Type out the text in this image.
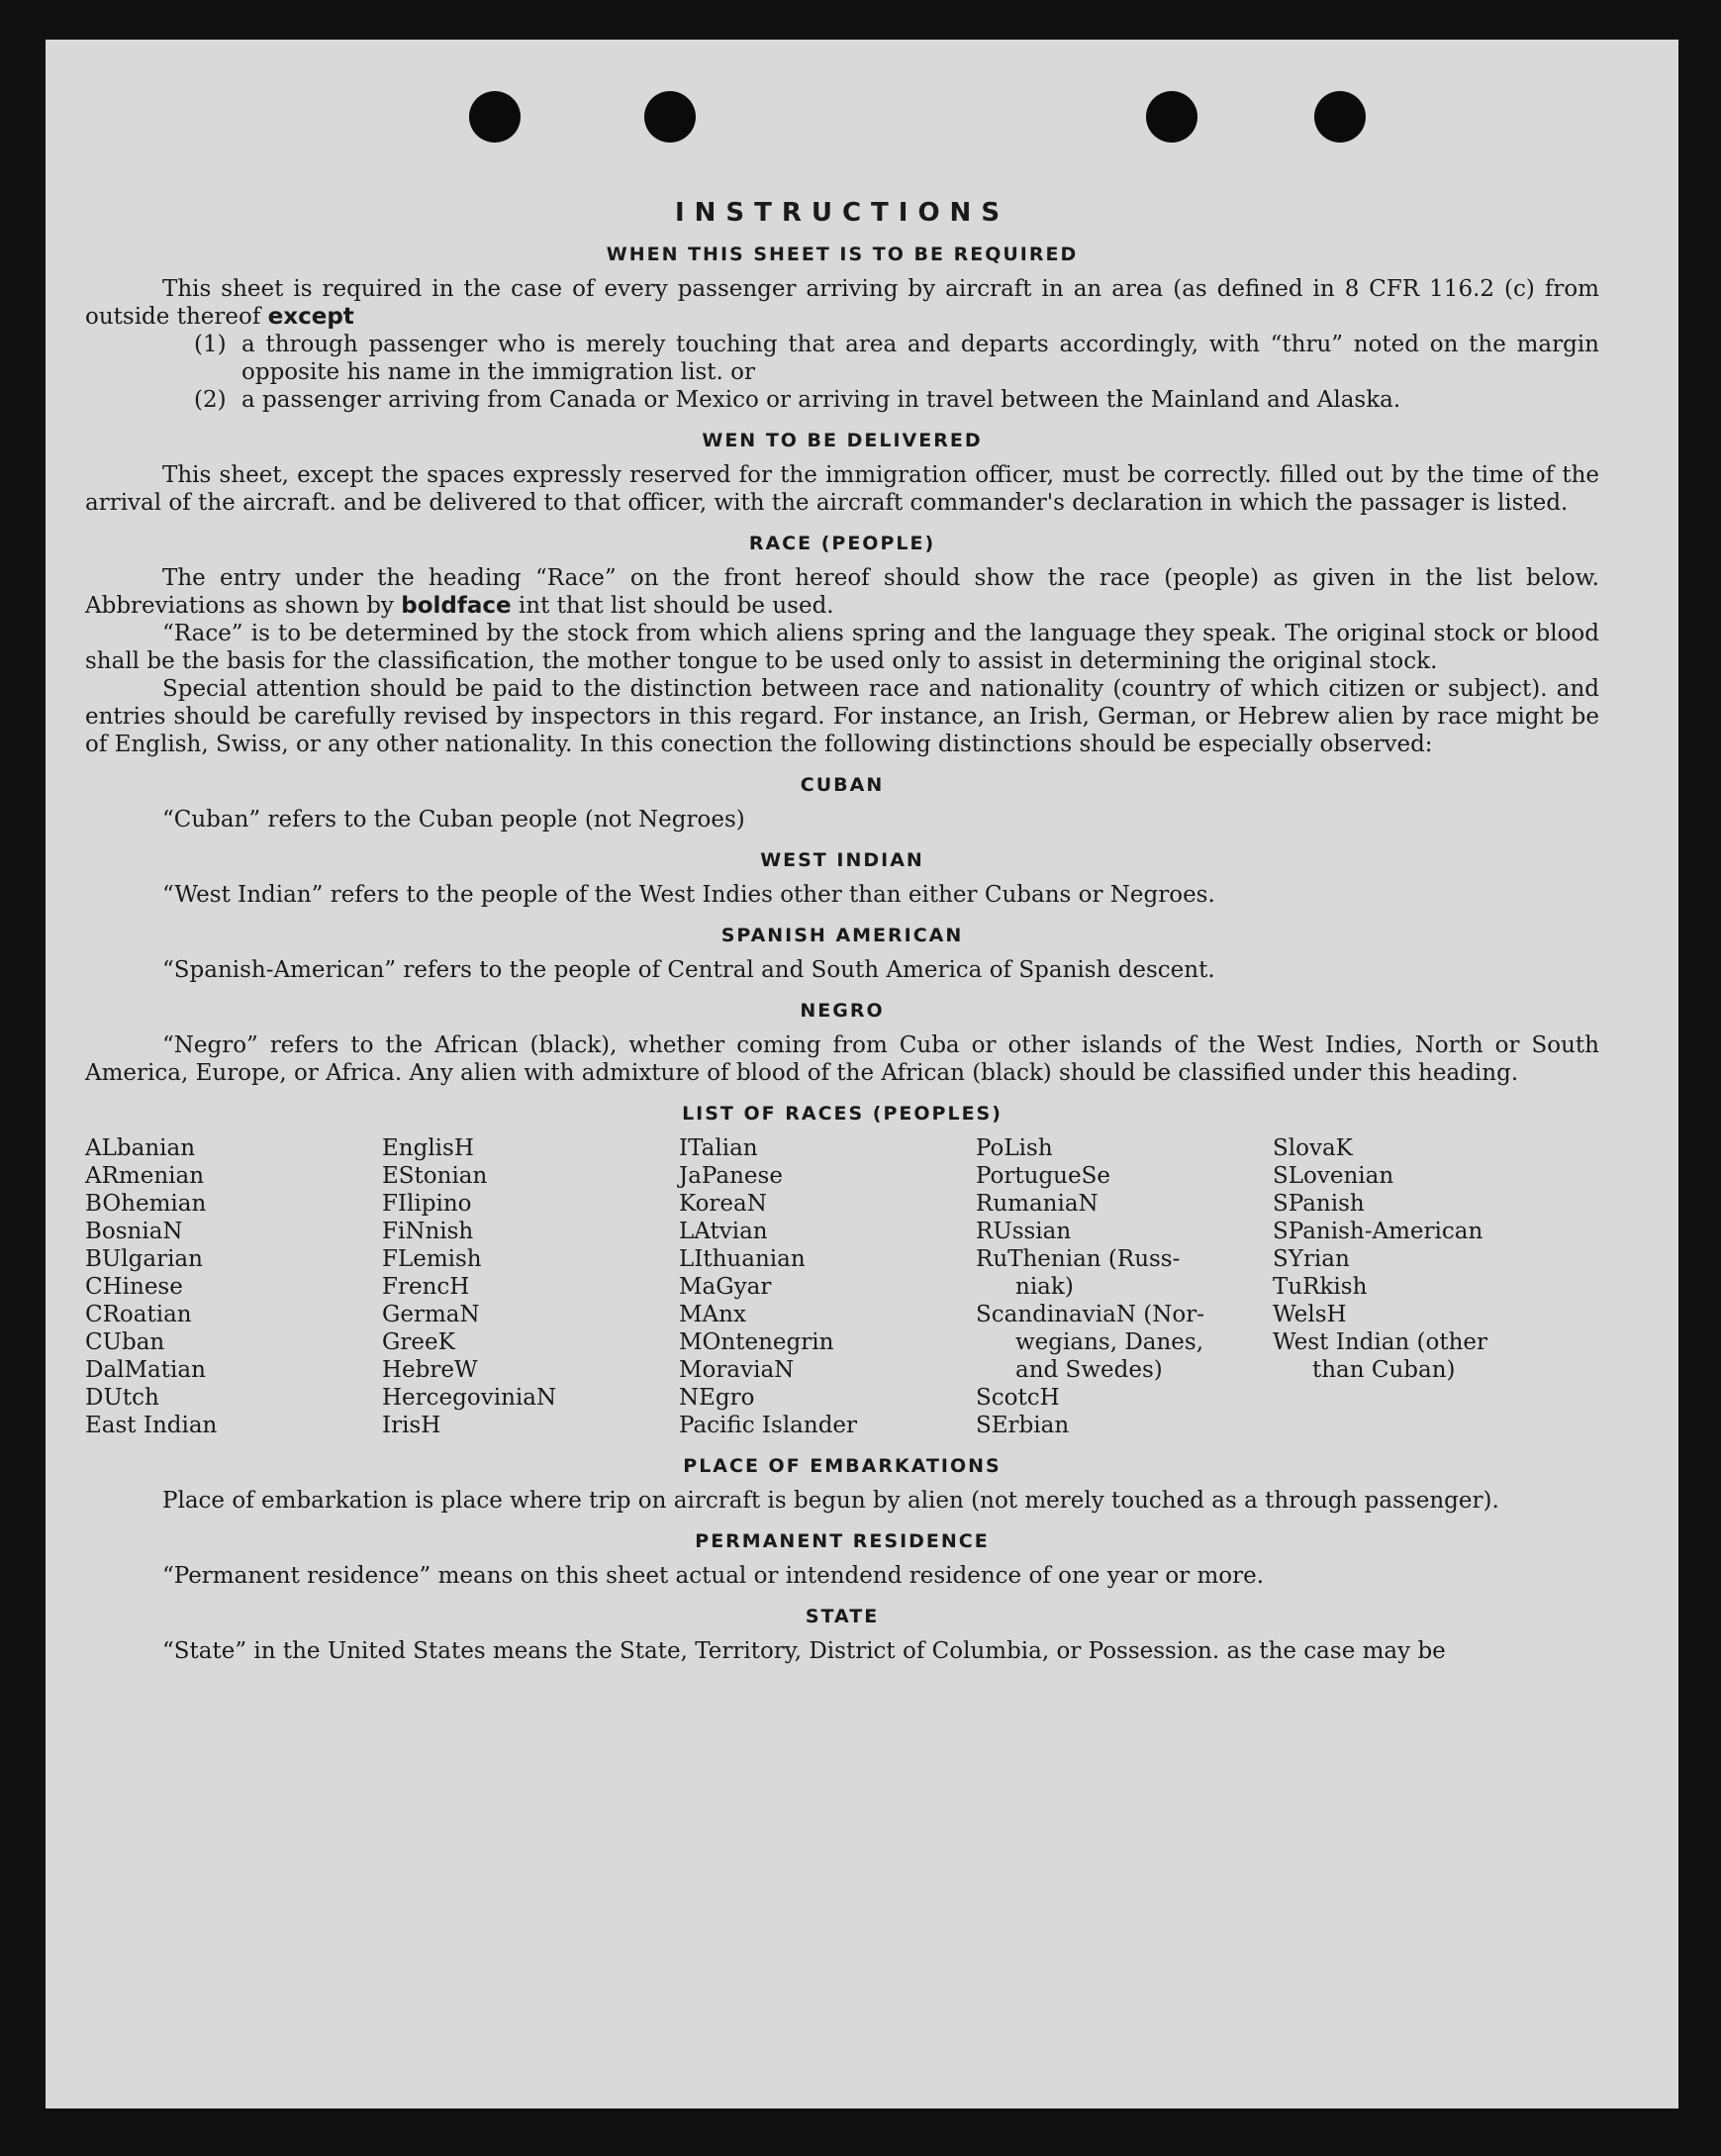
INSTRUCTIONS
WHEN THIS SHEET IS TO BE REQUIRED

This sheet is required in the case of every passenger arriving by aircraft in an area (as defined in 8 CFR 116.2 (c) from outside thereof except

(1) a through passenger who is merely touching that area and departs accordingly, with “thru” noted on the margin opposite his name in the immigration list. or
(2) a passenger arriving from Canada or Mexico or arriving in travel between the Mainland and Alaska.
WEN TO BE DELIVERED

This sheet, except the spaces expressly reserved for the immigration officer, must be correctly. filled out by the time of the arrival of the aircraft. and be delivered to that officer, with the aircraft commander's declaration in which the passager is listed.

RACE (PEOPLE)

The entry under the heading “Race” on the front hereof should show the race (people) as given in the list below. Abbreviations as shown by boldface int that list should be used.

“Race” is to be determined by the stock from which aliens spring and the language they speak. The original stock or blood shall be the basis for the classification, the mother tongue to be used only to assist in determining the original stock.

Special attention should be paid to the distinction between race and nationality (country of which citizen or subject). and entries should be carefully revised by inspectors in this regard. For instance, an Irish, German, or Hebrew alien by race might be of English, Swiss, or any other nationality. In this conection the following distinctions should be especially observed:

CUBAN

“Cuban” refers to the Cuban people (not Negroes)

WEST INDIAN

“West Indian” refers to the people of the West Indies other than either Cubans or Negroes.

SPANISH AMERICAN

“Spanish-American” refers to the people of Central and South America of Spanish descent.

NEGRO

“Negro” refers to the African (black), whether coming from Cuba or other islands of the West Indies, North or South America, Europe, or Africa. Any alien with admixture of blood of the African (black) should be classified under this heading.

LIST OF RACES (PEOPLES)
ALbanian
ARmenian
BOhemian
BosniaN
BUlgarian
CHinese
CRoatian
CUban
DalMatian
DUtch
East Indian
EnglisH
EStonian
FIlipino
FiNnish
FLemish
FrencH
GermaN
GreeK
HebreW
HercegoviniaN
IrisH
ITalian
JaPanese
KoreaN
LAtvian
LIthuanian
MaGyar
MAnx
MOntenegrin
MoraviaN
NEgro
Pacific Islander
PoLish
PortugueSe
RumaniaN
RUssian
RuThenian (Russ-
niak)
ScandinaviaN (Nor-
wegians, Danes,
and Swedes)
ScotcH
SErbian
SlovaK
SLovenian
SPanish
SPanish-American
SYrian
TuRkish
WelsH
West Indian (other
than Cuban)
PLACE OF EMBARKATIONS

Place of embarkation is place where trip on aircraft is begun by alien (not merely touched as a through passenger).

PERMANENT RESIDENCE

“Permanent residence” means on this sheet actual or intendend residence of one year or more.

STATE

“State” in the United States means the State, Territory, District of Columbia, or Possession. as the case may be
